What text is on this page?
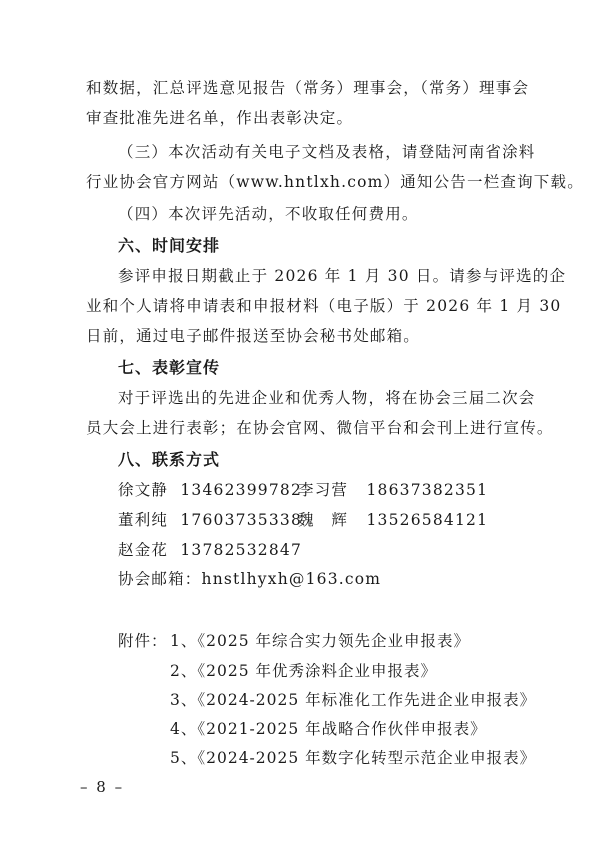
和数据，汇总评选意见报告（常务）理事会，（常务）理事会
审查批准先进名单，作出表彰决定。
（三）本次活动有关电子文档及表格，请登陆河南省涂料
行业协会官方网站（www.hntlxh.com）通知公告一栏查询下载。
（四）本次评先活动，不收取任何费用。
六、时间安排
参评申报日期截止于 2026 年 1 月 30 日。请参与评选的企
业和个人请将申请表和申报材料（电子版）于 2026 年 1 月 30
日前，通过电子邮件报送至协会秘书处邮箱。
七、表彰宣传
对于评选出的先进企业和优秀人物，将在协会三届二次会
员大会上进行表彰；在协会官网、微信平台和会刊上进行宣传。
八、联系方式
徐文静 13462399782
李习营 18637382351
董利纯 17603735338
魏　辉 13526584121
赵金花 13782532847
协会邮箱：hnstlhyxh@163.com
附件： 1、《2025 年综合实力领先企业申报表》
2、《2025 年优秀涂料企业申报表》
3、《2024-2025 年标准化工作先进企业申报表》
4、《2021-2025 年战略合作伙伴申报表》
5、《2024-2025 年数字化转型示范企业申报表》
– 8 –
